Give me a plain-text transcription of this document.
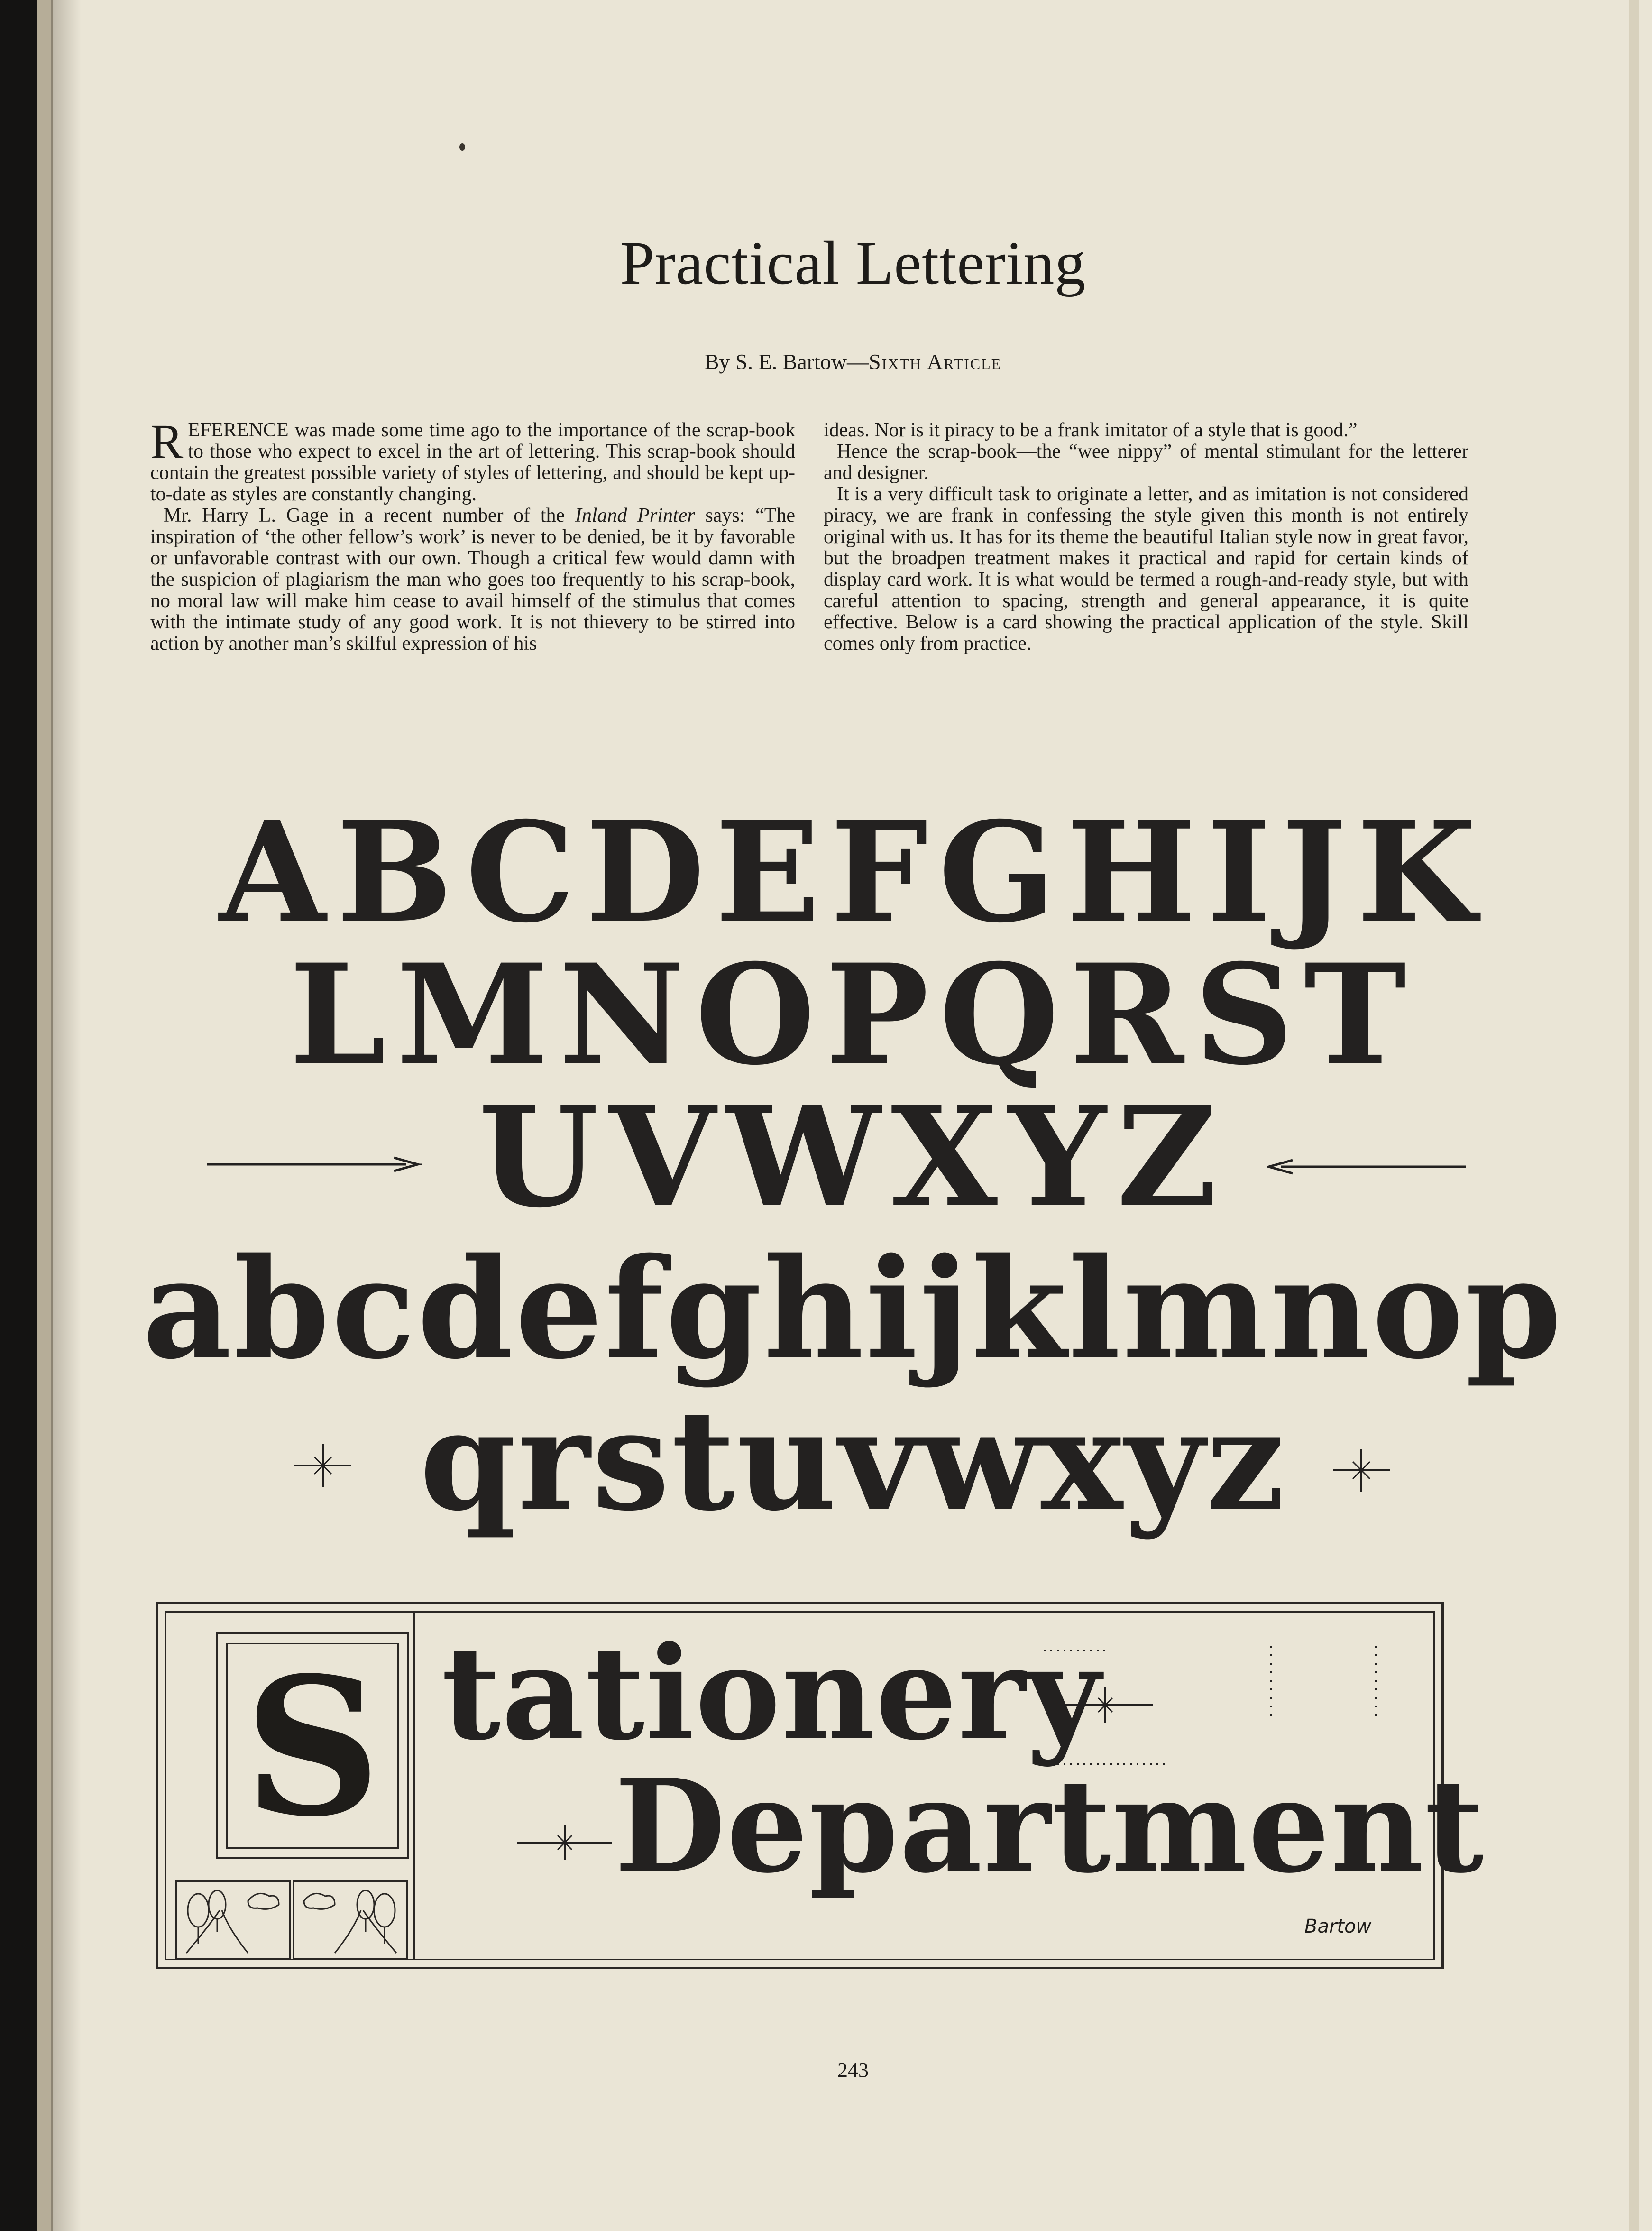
Practical Lettering
By S. E. Bartow—Sixth Article

REFERENCE was made some time ago to the importance of the scrap-book to those who expect to excel in the art of lettering. This scrap-book should contain the greatest possible variety of styles of lettering, and should be kept up-to-date as styles are constantly changing.

Mr. Harry L. Gage in a recent number of the Inland Printer says: “The inspiration of ‘the other fellow’s work’ is never to be denied, be it by favorable or unfavorable contrast with our own. Though a critical few would damn with the suspicion of plagiarism the man who goes too frequently to his scrap-book, no moral law will make him cease to avail himself of the stimulus that comes with the intimate study of any good work. It is not thievery to be stirred into action by another man’s skilful expression of his

ideas. Nor is it piracy to be a frank imitator of a style that is good.”

Hence the scrap-book—the “wee nippy” of mental stimulant for the letterer and designer.

It is a very difficult task to originate a letter, and as imitation is not considered piracy, we are frank in confessing the style given this month is not entirely original with us. It has for its theme the beautiful Italian style now in great favor, but the broadpen treatment makes it practical and rapid for certain kinds of display card work. It is what would be termed a rough-and-ready style, but with careful attention to spacing, strength and general appearance, it is quite effective. Below is a card showing the practical application of the style. Skill comes only from practice.

ABCDEFGHIJK
LMNOPQRST
UVWXYZ
abcdefghijklmnop
qrstuvwxyz
S tationery
Department
Bartow
243
